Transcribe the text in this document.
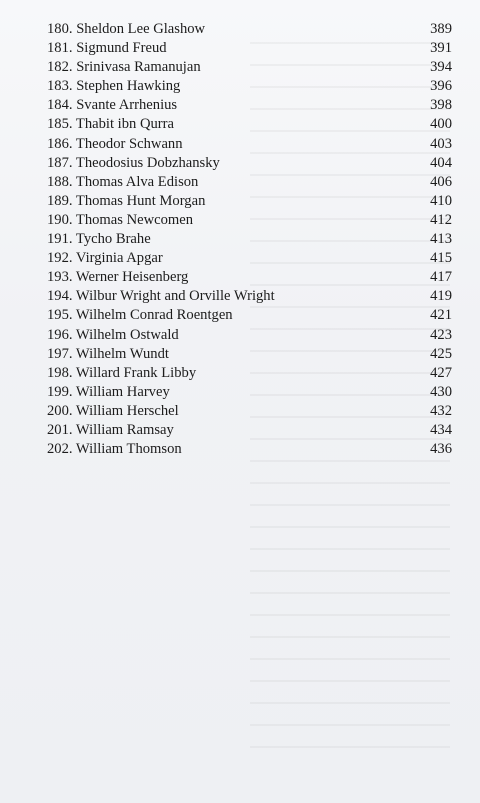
180. Sheldon Lee Glashow	389
181. Sigmund Freud	391
182. Srinivasa Ramanujan	394
183. Stephen Hawking	396
184. Svante Arrhenius	398
185. Thabit ibn Qurra	400
186. Theodor Schwann	403
187. Theodosius Dobzhansky	404
188. Thomas Alva Edison	406
189. Thomas Hunt Morgan	410
190. Thomas Newcomen	412
191. Tycho Brahe	413
192. Virginia Apgar	415
193. Werner Heisenberg	417
194. Wilbur Wright and Orville Wright	419
195. Wilhelm Conrad Roentgen	421
196. Wilhelm Ostwald	423
197. Wilhelm Wundt	425
198. Willard Frank Libby	427
199. William Harvey	430
200. William Herschel	432
201. William Ramsay	434
202. William Thomson	436
